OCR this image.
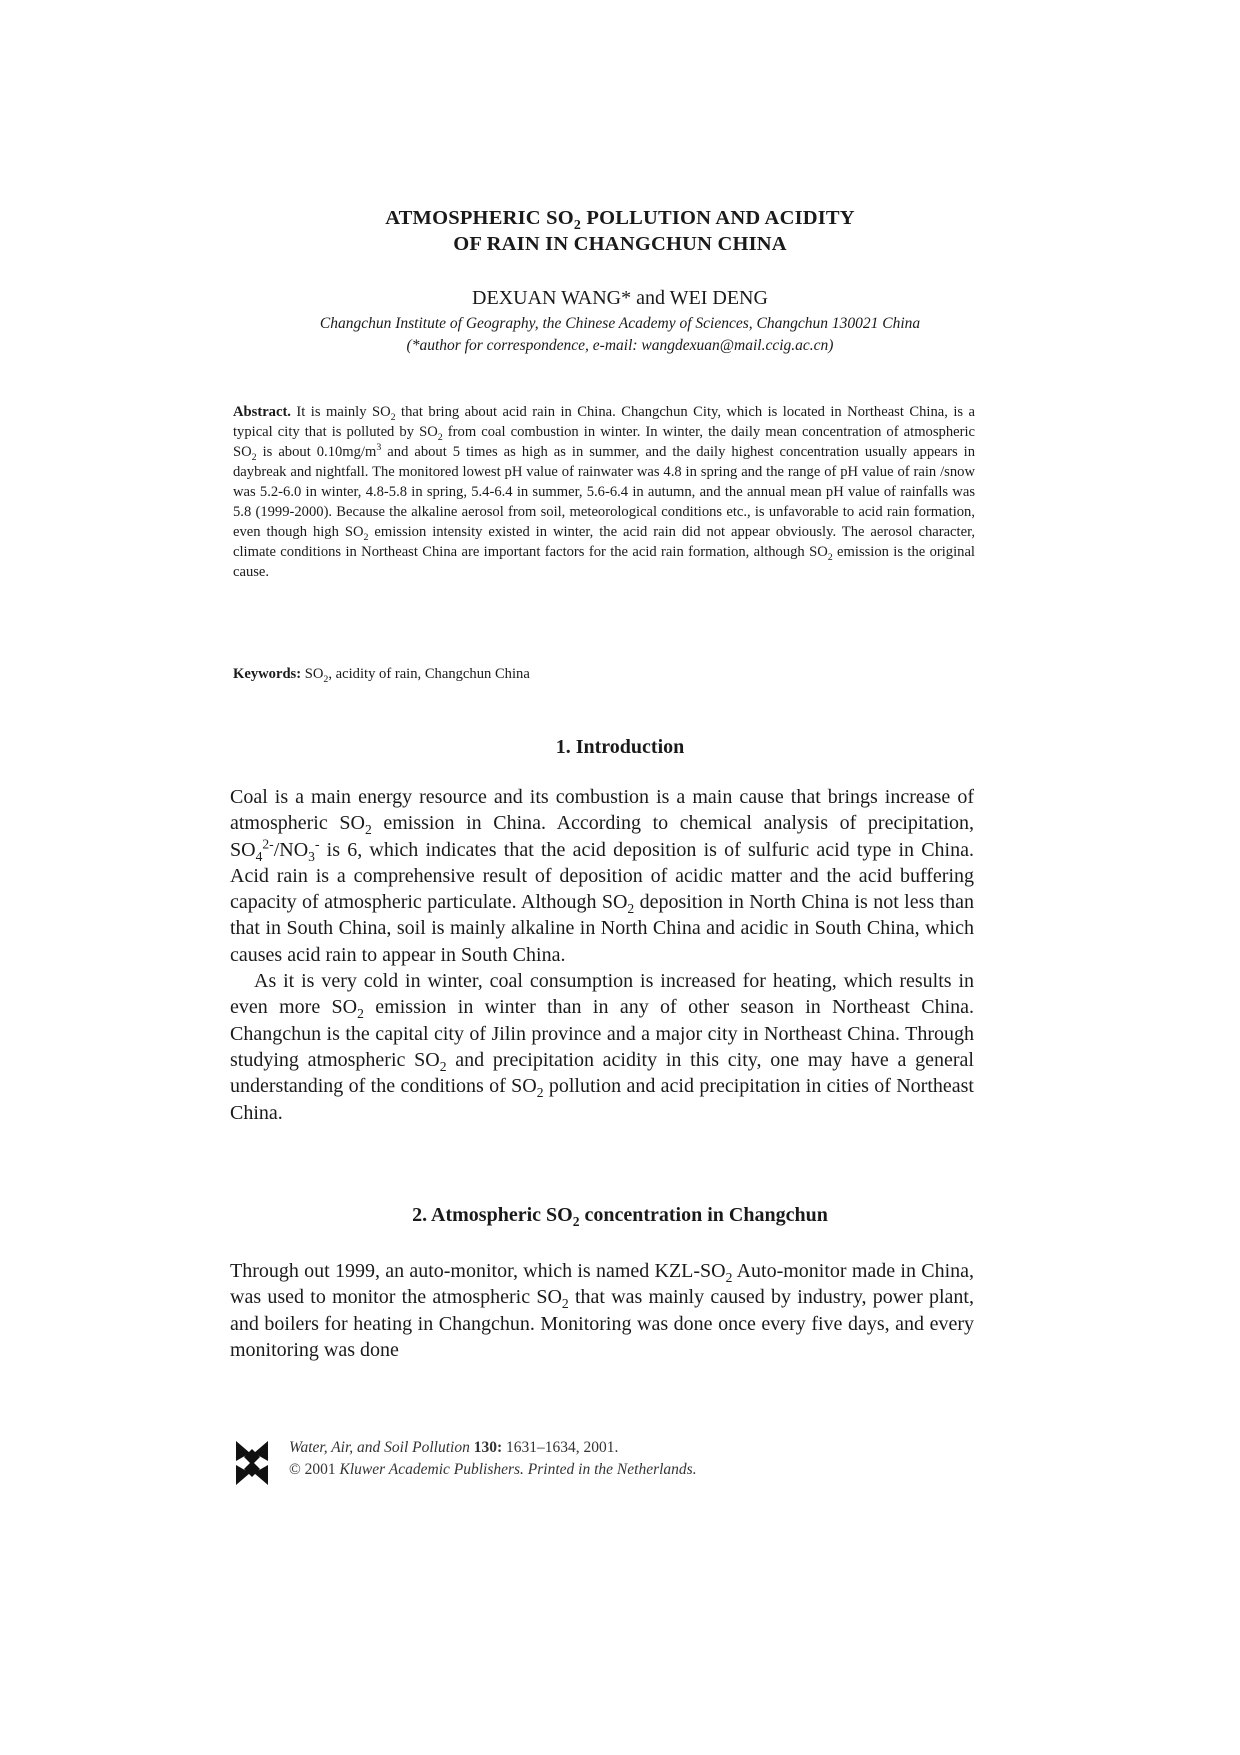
ATMOSPHERIC $SO_2$ POLLUTION AND ACIDITY
OF RAIN IN CHANGCHUN CHINA
DEXUAN WANG* and WEI DENG
Changchun Institute of Geography, the Chinese Academy of Sciences, Changchun 130021 China
(*author for correspondence, e-mail: wangdexuan@mail.ccig.ac.cn)
Abstract. It is mainly $SO_2$ that bring about acid rain in China. Changchun City, which is located in Northeast China, is a typical city that is polluted by $SO_2$ from coal combustion in winter. In winter, the daily mean concentration of atmospheric $SO_2$ is about $0.10mg/m^3$ and about 5 times as high as in summer, and the daily highest concentration usually appears in daybreak and nightfall. The monitored lowest pH value of rainwater was 4.8 in spring and the range of pH value of rain /snow was 5.2-6.0 in winter, 4.8-5.8 in spring, 5.4-6.4 in summer, 5.6-6.4 in autumn, and the annual mean pH value of rainfalls was 5.8 (1999-2000). Because the alkaline aerosol from soil, meteorological conditions etc., is unfavorable to acid rain formation, even though high $SO_2$ emission intensity existed in winter, the acid rain did not appear obviously. The aerosol character, climate conditions in Northeast China are important factors for the acid rain formation, although $SO_2$ emission is the original cause.
Keywords: $SO_2$, acidity of rain, Changchun China
1. Introduction

Coal is a main energy resource and its combustion is a main cause that brings increase of atmospheric $SO_2$ emission in China. According to chemical analysis of precipitation, $SO_4^{2-}/NO_3^-$ is 6, which indicates that the acid deposition is of sulfuric acid type in China. Acid rain is a comprehensive result of deposition of acidic matter and the acid buffering capacity of atmospheric particulate. Although $SO_2$ deposition in North China is not less than that in South China, soil is mainly alkaline in North China and acidic in South China, which causes acid rain to appear in South China.

As it is very cold in winter, coal consumption is increased for heating, which results in even more $SO_2$ emission in winter than in any of other season in Northeast China. Changchun is the capital city of Jilin province and a major city in Northeast China. Through studying atmospheric $SO_2$ and precipitation acidity in this city, one may have a general understanding of the conditions of $SO_2$ pollution and acid precipitation in cities of Northeast China.

2. Atmospheric $SO_2$ concentration in Changchun

Through out 1999, an auto-monitor, which is named KZL-$SO_2$ Auto-monitor made in China, was used to monitor the atmospheric $SO_2$ that was mainly caused by industry, power plant, and boilers for heating in Changchun. Monitoring was done once every five days, and every monitoring was done

Water, Air, and Soil Pollution 130: 1631–1634, 2001.
© 2001 Kluwer Academic Publishers. Printed in the Netherlands.
